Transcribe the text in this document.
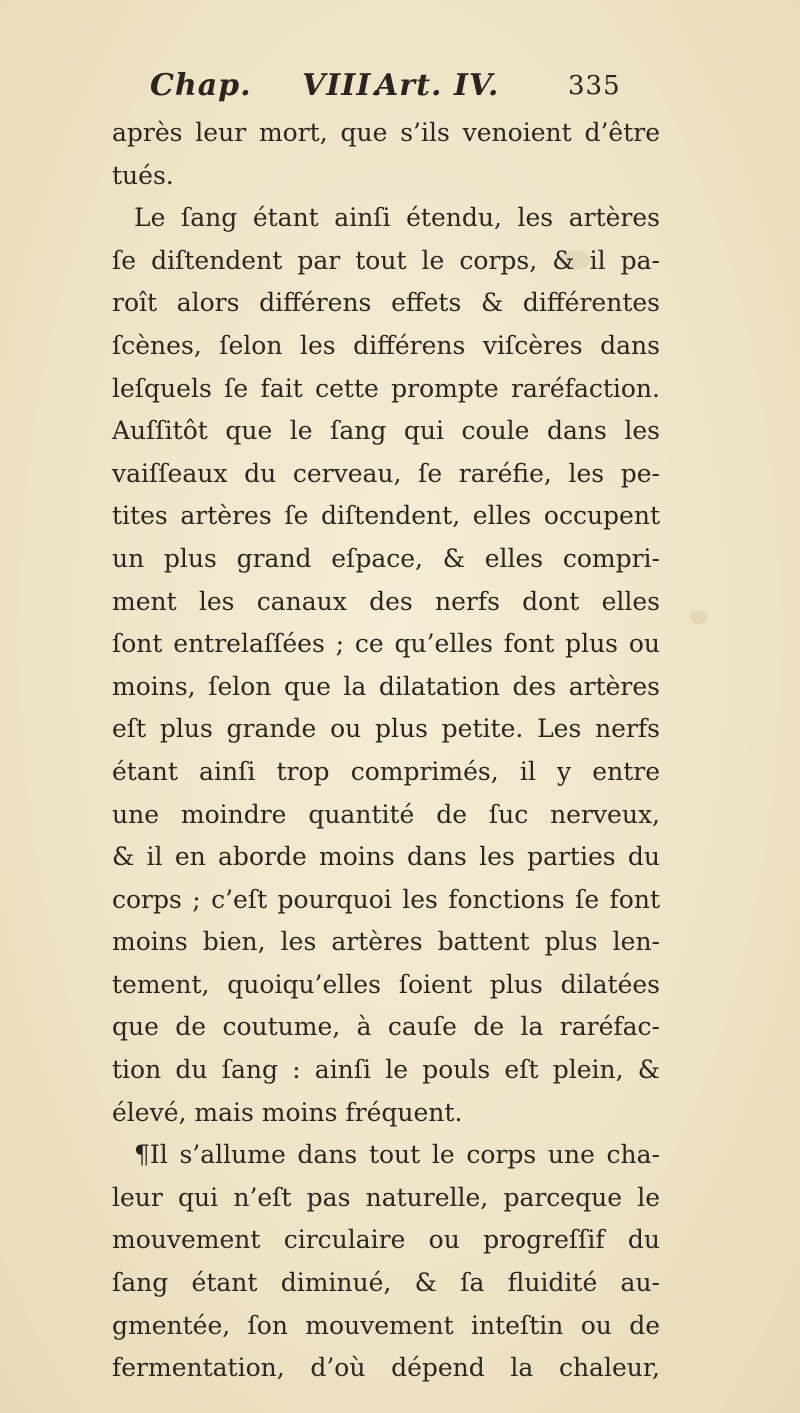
Chap. VIII.
Art. IV.	335
après leur mort, que s’ils venoient d’être
tués.
Le ſang étant ainſi étendu, les artères
ſe diſtendent par tout le corps, & il pa-
roît alors différens effets & différentes
ſcènes, ſelon les différens viſcères dans
leſquels ſe fait cette prompte raréfaction.
Auſſitôt que le ſang qui coule dans les
vaiſſeaux du cerveau, ſe raréfie, les pe-
tites artères ſe diſtendent, elles occupent
un plus grand eſpace, & elles compri-
ment les canaux des nerfs dont elles
ſont entrelaſſées ; ce qu’elles font plus ou
moins, ſelon que la dilatation des artères
eſt plus grande ou plus petite. Les nerfs
étant ainſi trop comprimés, il y entre
une moindre quantité de ſuc nerveux,
& il en aborde moins dans les parties du
corps ; c’eſt pourquoi les fonctions ſe font
moins bien, les artères battent plus len-
tement, quoiqu’elles ſoient plus dilatées
que de coutume, à cauſe de la raréfac-
tion du ſang : ainſi le pouls eſt plein, &
élevé, mais moins fréquent.
¶Il s’allume dans tout le corps une cha-
leur qui n’eſt pas naturelle, parceque le
mouvement circulaire ou progreſſif du
ſang étant diminué, & ſa fluidité au-
gmentée, ſon mouvement inteſtin ou de
fermentation, d’où dépend la chaleur,
